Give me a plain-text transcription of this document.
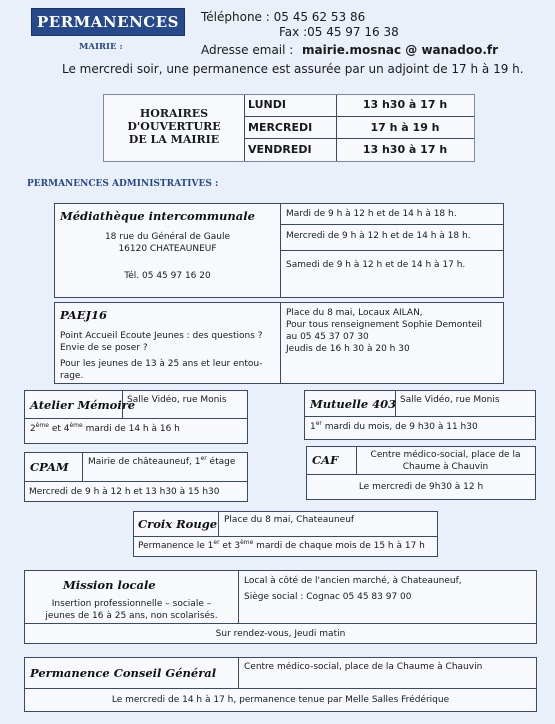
PERMANENCES
MAIRIE :
Téléphone : 05 45 62 53 86
Fax :05 45 97 16 38
Adresse email : mairie.mosnac @ wanadoo.fr
Le mercredi soir, une permanence est assurée par un adjoint de 17 h à 19 h.
HORAIRES
D'OUVERTURE
DE LA MAIRIE
LUNDI
MERCREDI
VENDREDI
13 h30 à 17 h
17 h à 19 h
13 h30 à 17 h
PERMANENCES ADMINISTRATIVES :
Médiathèque intercommunale
18 rue du Général de Gaule
16120 CHATEAUNEUF
Tél. 05 45 97 16 20
Mardi de 9 h à 12 h et de 14 h à 18 h.
Mercredi de 9 h à 12 h et de 14 h à 18 h.
Samedi de 9 h à 12 h et de 14 h à 17 h.
PAEJ16
Point Accueil Ecoute Jeunes : des questions ?
Envie de se poser ?
Pour les jeunes de 13 à 25 ans et leur entou-
rage.
Place du 8 mai, Locaux AILAN,
Pour tous renseignement Sophie Demonteil
au 05 45 37 07 30
Jeudis de 16 h 30 à 20 h 30
Atelier Mémoire
Salle Vidéo, rue Monis
2ème et 4ème mardi de 14 h à 16 h
Mutuelle 403 Salle Vidéo, rue Monis
1er mardi du mois, de 9 h30 à 11 h30
CPAM Mairie de châteauneuf, 1er étage
Mercredi de 9 h à 12 h et 13 h30 à 15 h30
CAF	Centre médico-social, place de la
Chaume à Chauvin
Le mercredi de 9h30 à 12 h
Croix Rouge Place du 8 mai, Chateauneuf
Permanence le 1er et 3ème mardi de chaque mois de 15 h à 17 h
Mission locale
Insertion professionnelle – sociale –
jeunes de 16 à 25 ans, non scolarisés.
Local à côté de l'ancien marché, à Chateauneuf,
Siège social : Cognac 05 45 83 97 00
Sur rendez-vous, Jeudi matin
Permanence Conseil Général	Centre médico-social, place de la Chaume à Chauvin
Le mercredi de 14 h à 17 h, permanence tenue par Melle Salles Frédérique
